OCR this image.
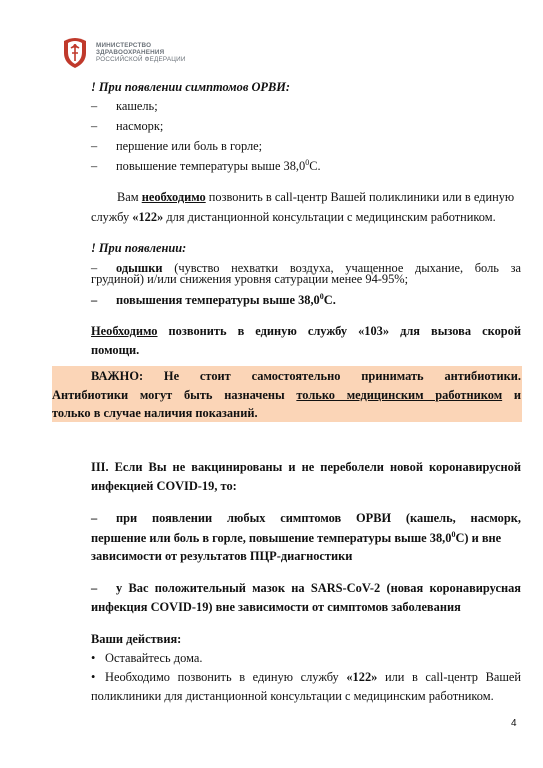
МИНИСТЕРСТВО
ЗДРАВООХРАНЕНИЯ
РОССИЙСКОЙ ФЕДЕРАЦИИ
! При появлении симптомов ОРВИ:
– кашель;
– насморк;
– першение или боль в горле;
– повышение температуры выше 38,0$^0$С.
Вам необходимо позвонить в call-центр Вашей поликлиники или в единую
службу «122» для дистанционной консультации с медицинским работником.
! При появлении:
– одышки (чувство нехватки воздуха, учащенное дыхание, боль за
грудиной) и/или снижения уровня сатурации менее 94-95%;
– повышения температуры выше 38,0$^0$С.
Необходимо позвонить в единую службу «103» для вызова скорой
помощи.
ВАЖНО: Не стоит самостоятельно принимать антибиотики.
Антибиотики могут быть назначены только медицинским работником и
только в случае наличия показаний.
III. Если Вы не вакцинированы и не переболели новой коронавирусной
инфекцией COVID-19, то:
– при появлении любых симптомов ОРВИ (кашель, насморк,
першение или боль в горле, повышение температуры выше 38,0$^0$С) и вне
зависимости от результатов ПЦР-диагностики
– у Вас положительный мазок на SARS-CoV-2 (новая коронавирусная
инфекция COVID-19) вне зависимости от симптомов заболевания
Ваши действия:
• Оставайтесь дома.
• Необходимо позвонить в единую службу «122» или в call-центр Вашей
поликлиники для дистанционной консультации с медицинским работником.
4
